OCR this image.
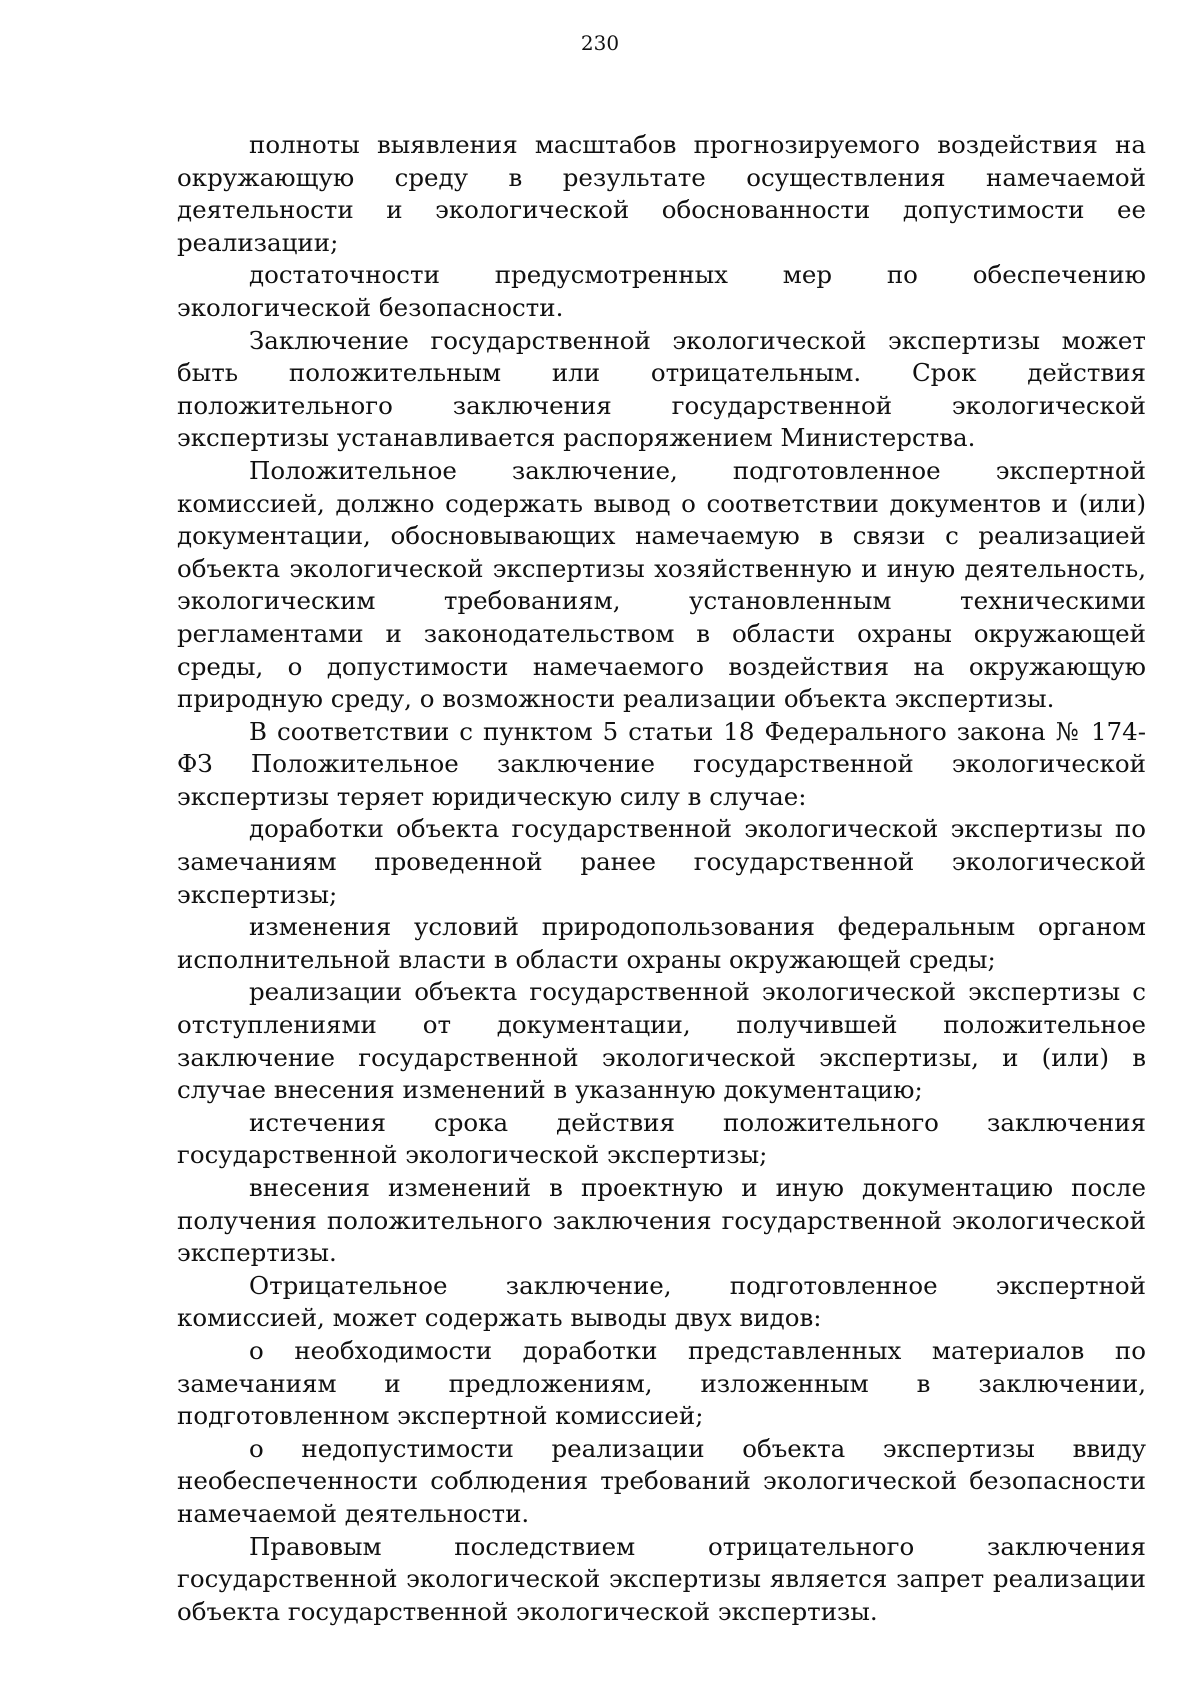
230

полноты выявления масштабов прогнозируемого воздействия на окружающую среду в результате осуществления намечаемой деятельности и экологической обоснованности допустимости ее реализации;

достаточности предусмотренных мер по обеспечению экологической безопасности.

Заключение государственной экологической экспертизы может быть положительным или отрицательным. Срок действия положительного заключения государственной экологической экспертизы устанавливается распоряжением Министерства.

Положительное заключение, подготовленное экспертной комиссией, должно содержать вывод о соответствии документов и (или) документации, обосновывающих намечаемую в связи с реализацией объекта экологической экспертизы хозяйственную и иную деятельность, экологическим требованиям, установленным техническими регламентами и законодательством в области охраны окружающей среды, о допустимости намечаемого воздействия на окружающую природную среду, о возможности реализации объекта экспертизы.

В соответствии с пунктом 5 статьи 18 Федерального закона № 174-ФЗ Положительное заключение государственной экологической экспертизы теряет юридическую силу в случае:

доработки объекта государственной экологической экспертизы по замечаниям проведенной ранее государственной экологической экспертизы;

изменения условий природопользования федеральным органом исполнительной власти в области охраны окружающей среды;

реализации объекта государственной экологической экспертизы с отступлениями от документации, получившей положительное заключение государственной экологической экспертизы, и (или) в случае внесения изменений в указанную документацию;

истечения срока действия положительного заключения государственной экологической экспертизы;

внесения изменений в проектную и иную документацию после получения положительного заключения государственной экологической экспертизы.

Отрицательное заключение, подготовленное экспертной комиссией, может содержать выводы двух видов:

о необходимости доработки представленных материалов по замечаниям и предложениям, изложенным в заключении, подготовленном экспертной комиссией;

о недопустимости реализации объекта экспертизы ввиду необеспеченности соблюдения требований экологической безопасности намечаемой деятельности.

Правовым последствием отрицательного заключения государственной экологической экспертизы является запрет реализации объекта государственной экологической экспертизы.
